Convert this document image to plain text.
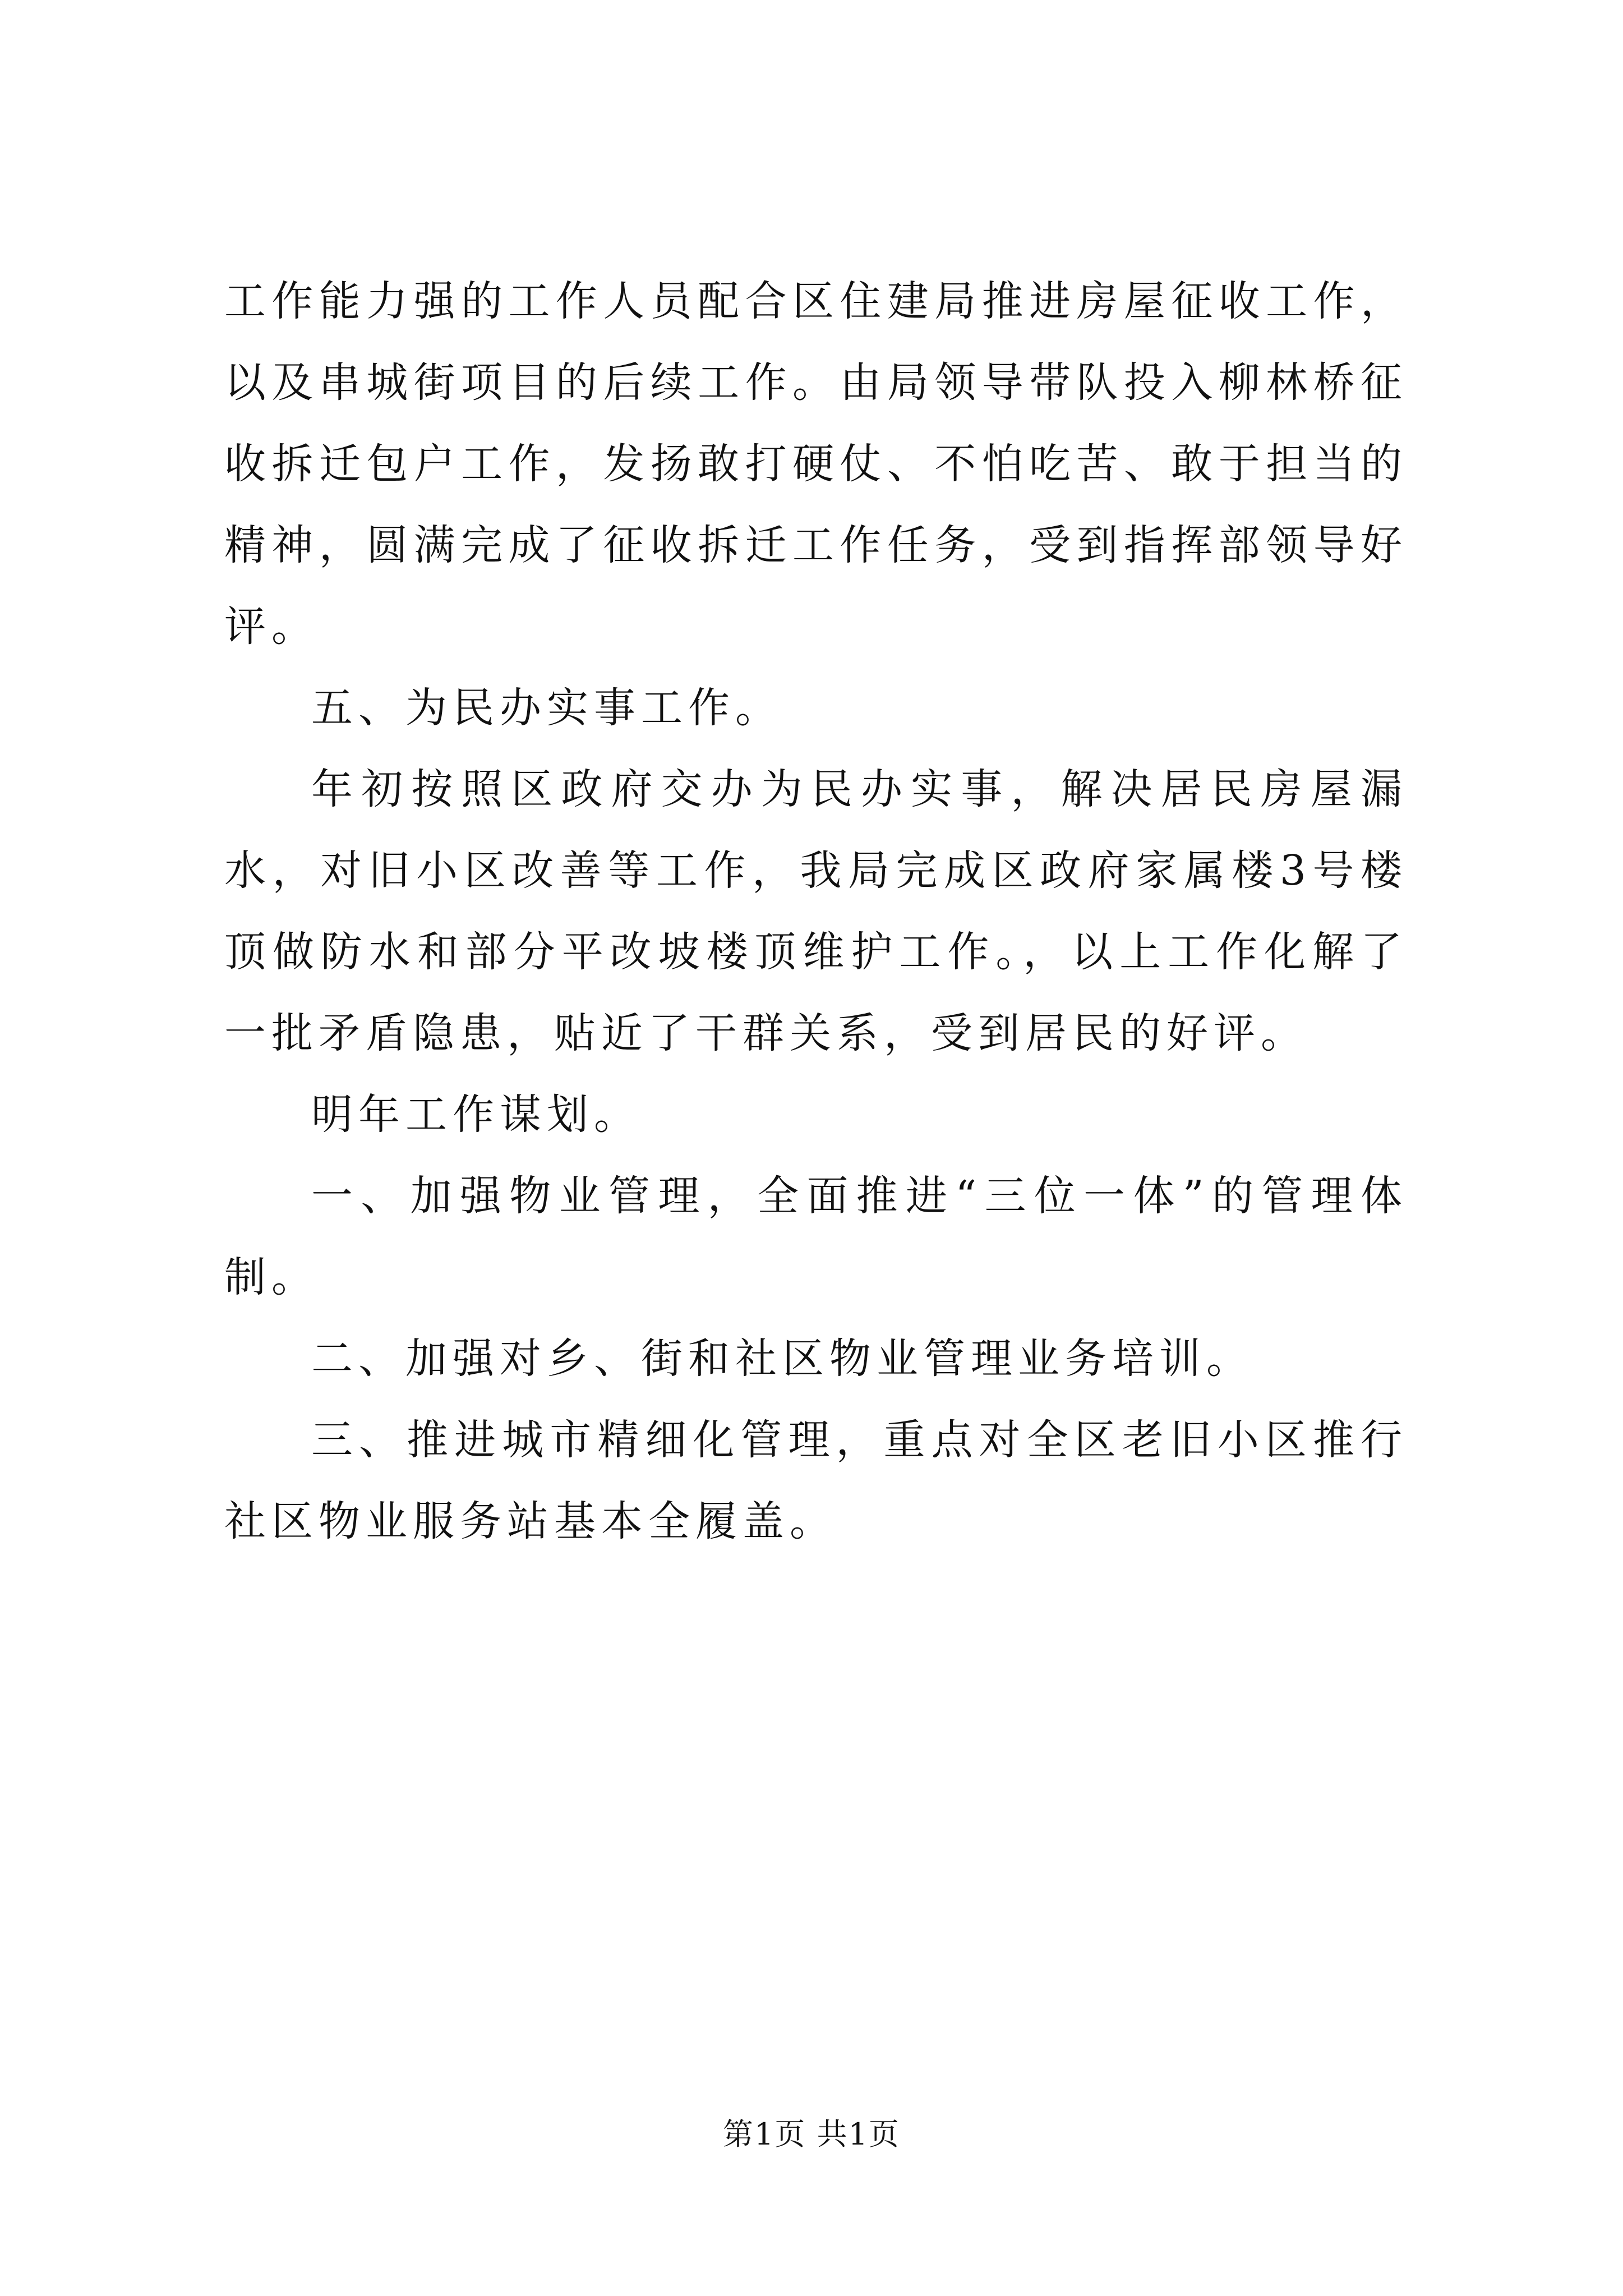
工作能力强的工作人员配合区住建局推进房屋征收工作，以及串城街项目的后续工作。由局领导带队投入柳林桥征收拆迁包户工作，发扬敢打硬仗、不怕吃苦、敢于担当的精神，圆满完成了征收拆迁工作任务，受到指挥部领导好评。

五、为民办实事工作。

年初按照区政府交办为民办实事，解决居民房屋漏水，对旧小区改善等工作，我局完成区政府家属楼3号楼顶做防水和部分平改坡楼顶维护工作。，以上工作化解了一批矛盾隐患，贴近了干群关系，受到居民的好评。

明年工作谋划。

一、加强物业管理，全面推进“三位一体”的管理体制。

二、加强对乡、街和社区物业管理业务培训。

三、推进城市精细化管理，重点对全区老旧小区推行社区物业服务站基本全履盖。

第1页 共1页
